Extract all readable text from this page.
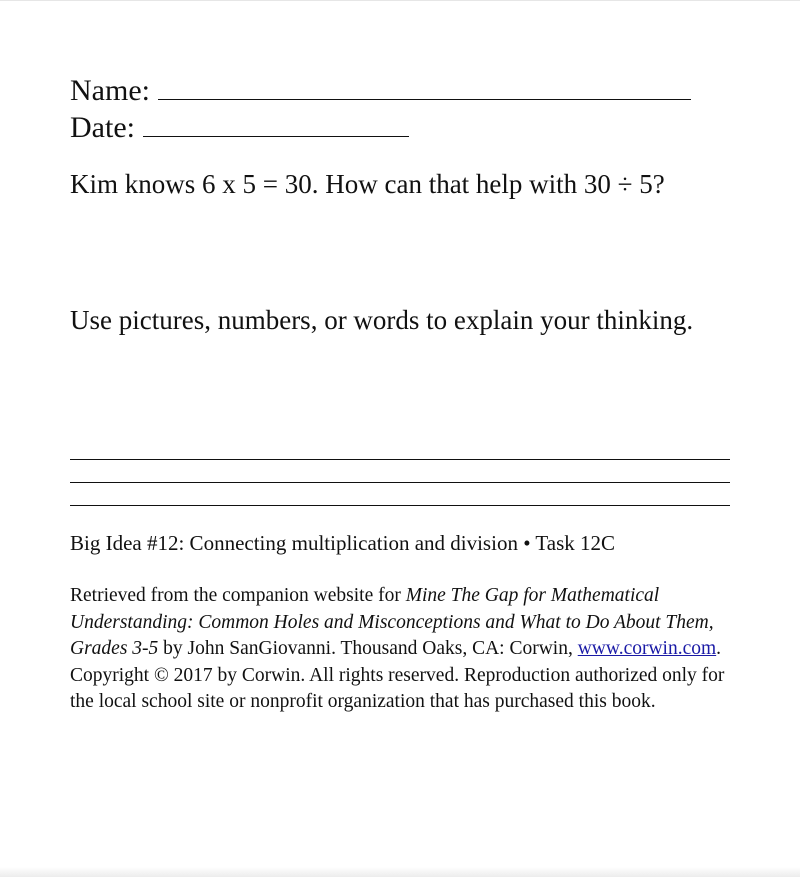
Name:
Date:
Kim knows 6 x 5 = 30. How can that help with 30 ÷ 5?
Use pictures, numbers, or words to explain your thinking.
Big Idea #12: Connecting multiplication and division • Task 12C
Retrieved from the companion website for Mine The Gap for Mathematical Understanding: Common Holes and Misconceptions and What to Do About Them, Grades 3-5 by John SanGiovanni. Thousand Oaks, CA: Corwin, www.corwin.com. Copyright © 2017 by Corwin. All rights reserved. Reproduction authorized only for the local school site or nonprofit organization that has purchased this book.
